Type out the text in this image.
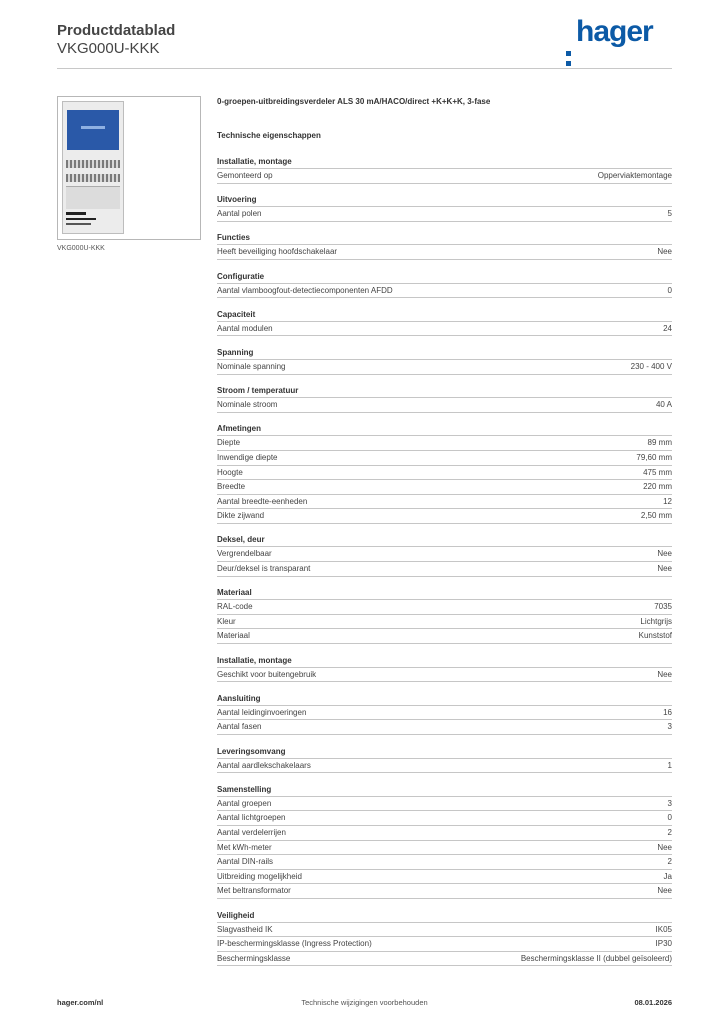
Productdatablad
VKG000U-KKK
hager
VKG000U-KKK
0-groepen-uitbreidingsverdeler ALS 30 mA/HACO/direct +K+K+K, 3-fase
Technische eigenschappen
Installatie, montage
Gemonteerd op	Opperviaktemontage
Uitvoering
Aantal polen	5
Functies
Heeft beveiliging hoofdschakelaar	Nee
Configuratie
Aantal vlamboogfout-detectiecomponenten AFDD	0
Capaciteit
Aantal modulen	24
Spanning
Nominale spanning	230 - 400 V
Stroom / temperatuur
Nominale stroom	40 A
Afmetingen
Diepte	89 mm
Inwendige diepte	79,60 mm
Hoogte	475 mm
Breedte	220 mm
Aantal breedte-eenheden	12
Dikte zijwand	2,50 mm
Deksel, deur
Vergrendelbaar	Nee
Deur/deksel is transparant	Nee
Materiaal
RAL-code	7035
Kleur	Lichtgrijs
Materiaal	Kunststof
Installatie, montage
Geschikt voor buitengebruik	Nee
Aansluiting
Aantal leidinginvoeringen	16
Aantal fasen	3
Leveringsomvang
Aantal aardlekschakelaars	1
Samenstelling
Aantal groepen	3
Aantal lichtgroepen	0
Aantal verdelerrijen	2
Met kWh-meter	Nee
Aantal DIN-rails	2
Uitbreiding mogelijkheid	Ja
Met beltransformator	Nee
Veiligheid
Slagvastheid IK	IK05
IP-beschermingsklasse (Ingress Protection)	IP30
Beschermingsklasse	Beschermingsklasse II (dubbel geïsoleerd)
hager.com/nl	Technische wijzigingen voorbehouden	08.01.2026
